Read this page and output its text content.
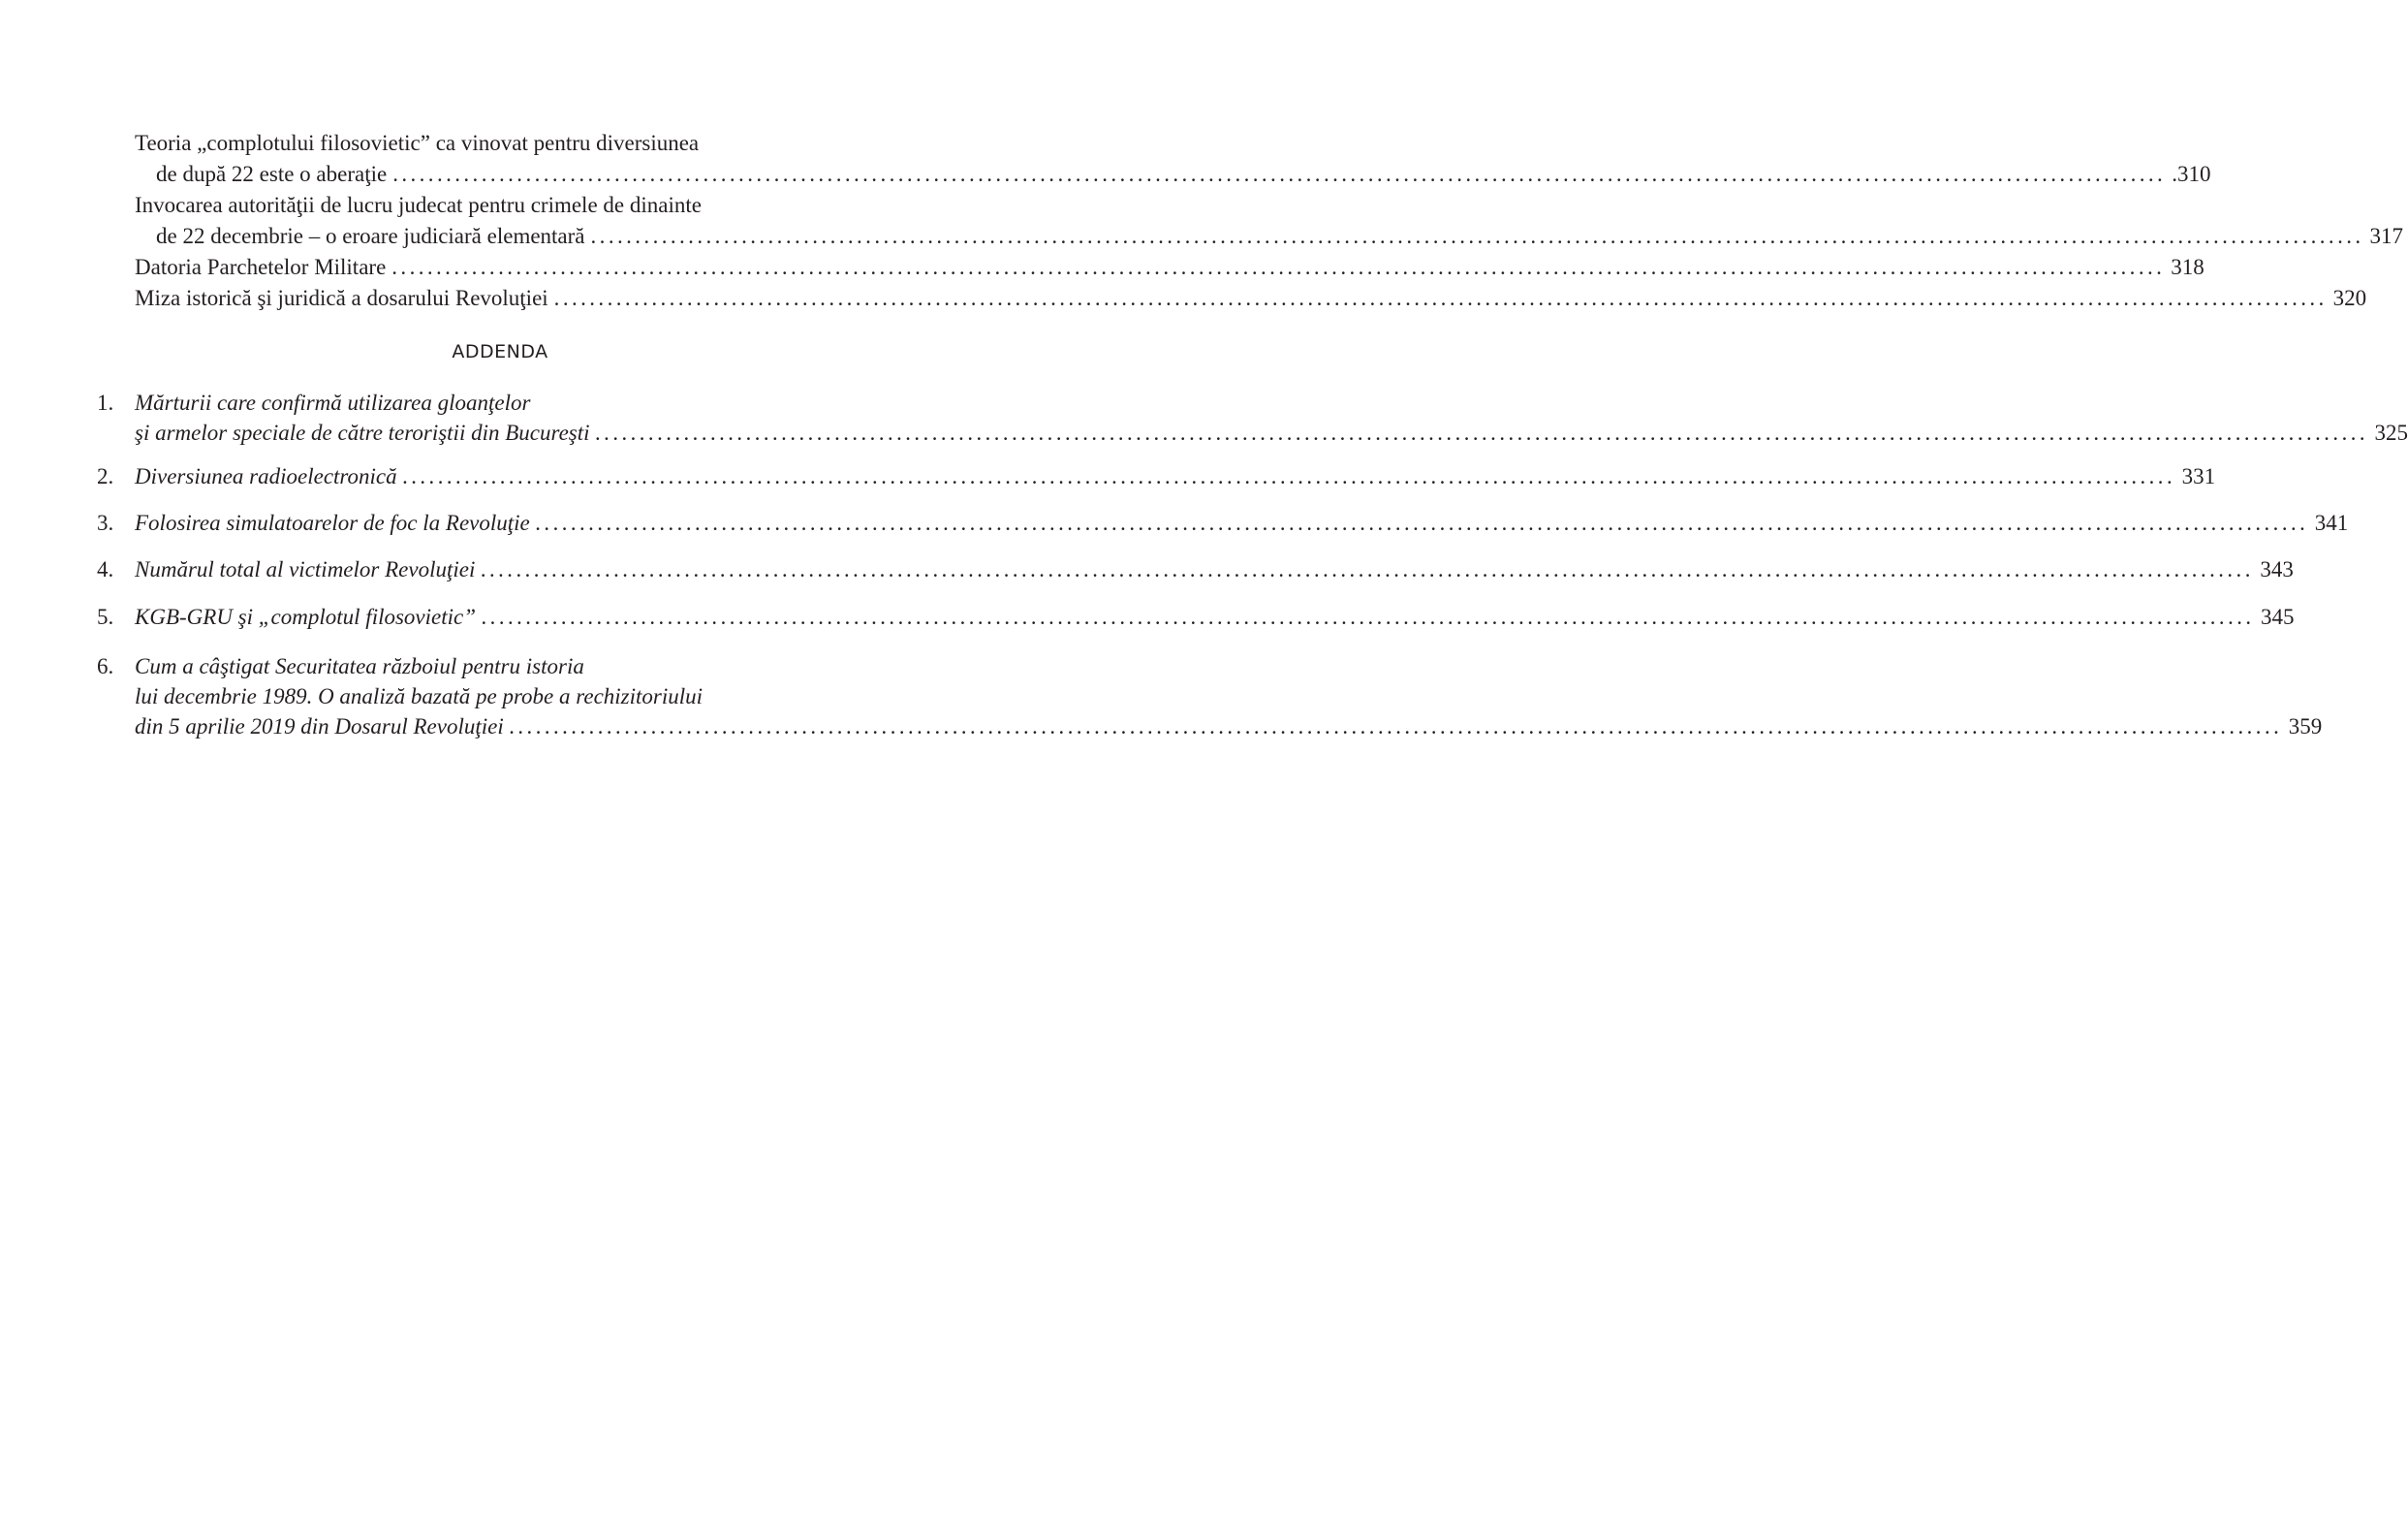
Teoria „complotului filosovietic” ca vinovat pentru diversiunea
de după 22 este o aberaţie ........................................................................................................................................................................................................ .310
Invocarea autorităţii de lucru judecat pentru crimele de dinainte
de 22 decembrie – o eroare judiciară elementară ........................................................................................................................................................................................................ 317
Datoria Parchetelor Militare ........................................................................................................................................................................................................ 318
Miza istorică şi juridică a dosarului Revoluţiei ........................................................................................................................................................................................................ 320
ADDENDA
1. Mărturii care confirmă utilizarea gloanţelor
şi armelor speciale de către teroriştii din Bucureşti ........................................................................................................................................................................................................ 325
2. Diversiunea radioelectronică ........................................................................................................................................................................................................ 331
3. Folosirea simulatoarelor de foc la Revoluţie ........................................................................................................................................................................................................ 341
4. Numărul total al victimelor Revoluţiei ........................................................................................................................................................................................................ 343
5. KGB-GRU şi „complotul filosovietic” ........................................................................................................................................................................................................ 345
6. Cum a câştigat Securitatea războiul pentru istoria
lui decembrie 1989. O analiză bazată pe probe a rechizitoriului
din 5 aprilie 2019 din Dosarul Revoluţiei ........................................................................................................................................................................................................ 359
